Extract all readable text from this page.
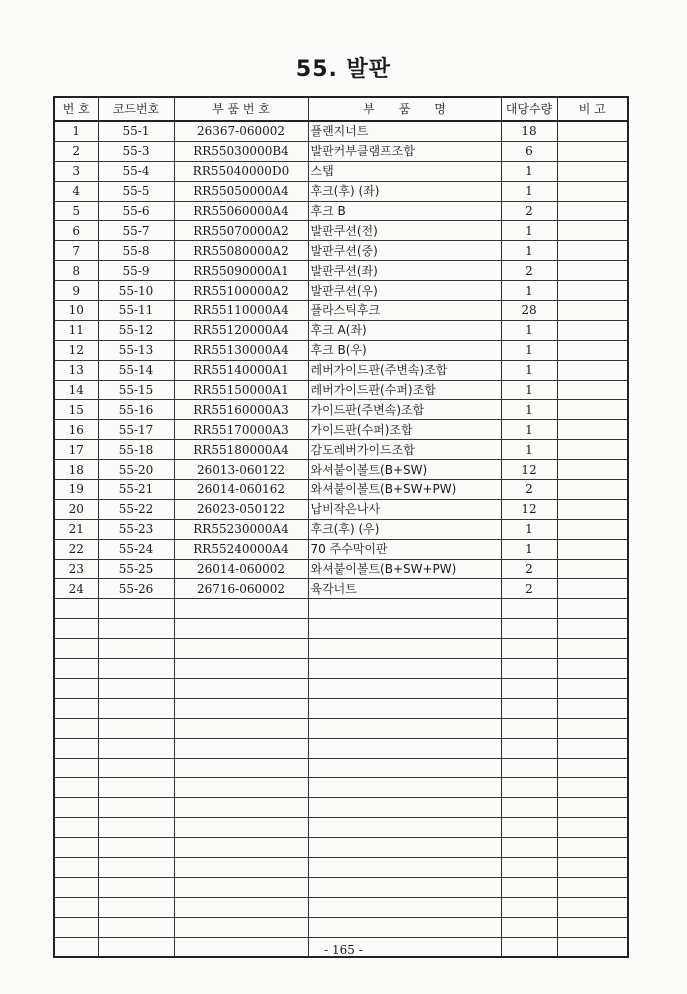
55. 발판
번 호	코드번호	부 품 번 호	부　　품　　명	대당수량	비 고
1	55-1	26367-060002	플랜지너트	18	
2	55-3	RR55030000B4	발판커부클램프조합	6	
3	55-4	RR55040000D0	스탭	1	
4	55-5	RR55050000A4	후크(후) (좌)	1	
5	55-6	RR55060000A4	후크 B	2	
6	55-7	RR55070000A2	발판쿠션(전)	1	
7	55-8	RR55080000A2	발판쿠션(중)	1	
8	55-9	RR55090000A1	발판쿠션(좌)	2	
9	55-10	RR55100000A2	발판쿠션(우)	1	
10	55-11	RR55110000A4	플라스틱후크	28	
11	55-12	RR55120000A4	후크 A(좌)	1	
12	55-13	RR55130000A4	후크 B(우)	1	
13	55-14	RR55140000A1	레버가이드판(주변속)조합	1	
14	55-15	RR55150000A1	레버가이드판(수퍼)조합	1	
15	55-16	RR55160000A3	가이드판(주변속)조합	1	
16	55-17	RR55170000A3	가이드판(수퍼)조합	1	
17	55-18	RR55180000A4	감도레버가이드조합	1	
18	55-20	26013-060122	와셔붙이볼트(B+SW)	12	
19	55-21	26014-060162	와셔붙이볼트(B+SW+PW)	2	
20	55-22	26023-050122	납비작은나사	12	
21	55-23	RR55230000A4	후크(후) (우)	1	
22	55-24	RR55240000A4	70 주수막이판	1	
23	55-25	26014-060002	와셔붙이볼트(B+SW+PW)	2	
24	55-26	26716-060002	육각너트	2	

- 165 -
